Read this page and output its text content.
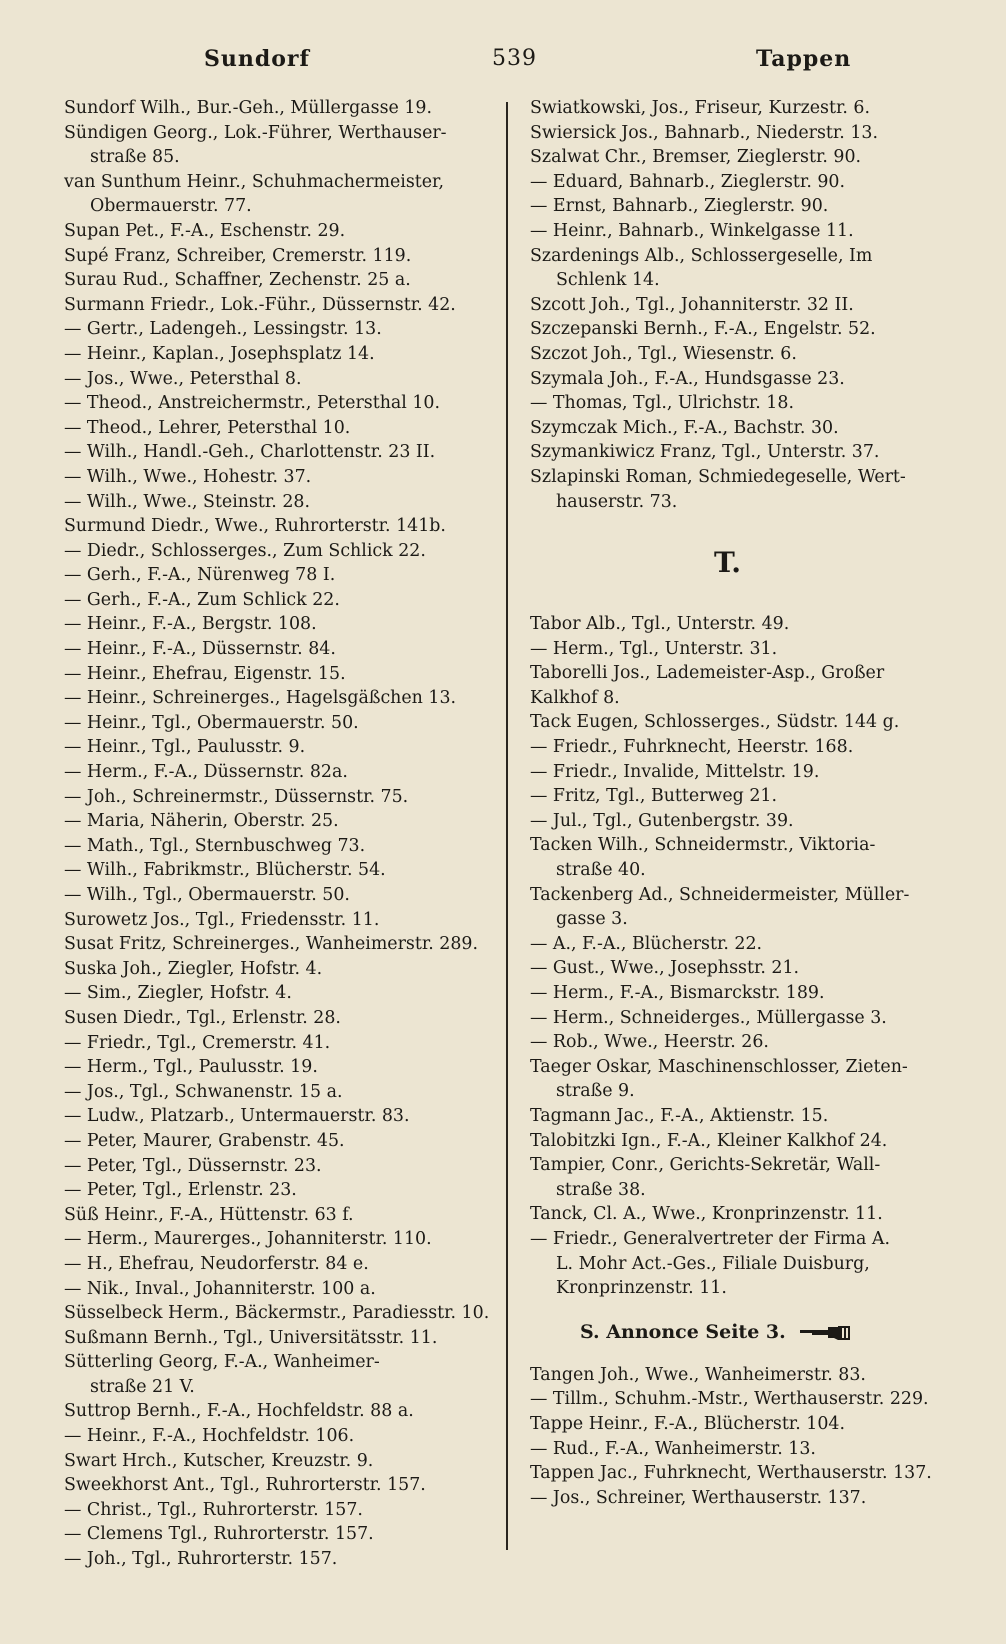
Sundorf	539	Tappen
Sundorf Wilh., Bur.-Geh., Müllergasse 19.
Sündigen Georg., Lok.-Führer, Werthauser-
straße 85.
van Sunthum Heinr., Schuhmachermeister,
Obermauerstr. 77.
Supan Pet., F.-A., Eschenstr. 29.
Supé Franz, Schreiber, Cremerstr. 119.
Surau Rud., Schaffner, Zechenstr. 25 a.
Surmann Friedr., Lok.-Führ., Düssernstr. 42.
— Gertr., Ladengeh., Lessingstr. 13.
— Heinr., Kaplan., Josephsplatz 14.
— Jos., Wwe., Petersthal 8.
— Theod., Anstreichermstr., Petersthal 10.
— Theod., Lehrer, Petersthal 10.
— Wilh., Handl.-Geh., Charlottenstr. 23 II.
— Wilh., Wwe., Hohestr. 37.
— Wilh., Wwe., Steinstr. 28.
Surmund Diedr., Wwe., Ruhrorterstr. 141b.
— Diedr., Schlosserges., Zum Schlick 22.
— Gerh., F.-A., Nürenweg 78 I.
— Gerh., F.-A., Zum Schlick 22.
— Heinr., F.-A., Bergstr. 108.
— Heinr., F.-A., Düssernstr. 84.
— Heinr., Ehefrau, Eigenstr. 15.
— Heinr., Schreinerges., Hagelsgäßchen 13.
— Heinr., Tgl., Obermauerstr. 50.
— Heinr., Tgl., Paulusstr. 9.
— Herm., F.-A., Düssernstr. 82a.
— Joh., Schreinermstr., Düssernstr. 75.
— Maria, Näherin, Oberstr. 25.
— Math., Tgl., Sternbuschweg 73.
— Wilh., Fabrikmstr., Blücherstr. 54.
— Wilh., Tgl., Obermauerstr. 50.
Surowetz Jos., Tgl., Friedensstr. 11.
Susat Fritz, Schreinerges., Wanheimerstr. 289.
Suska Joh., Ziegler, Hofstr. 4.
— Sim., Ziegler, Hofstr. 4.
Susen Diedr., Tgl., Erlenstr. 28.
— Friedr., Tgl., Cremerstr. 41.
— Herm., Tgl., Paulusstr. 19.
— Jos., Tgl., Schwanenstr. 15 a.
— Ludw., Platzarb., Untermauerstr. 83.
— Peter, Maurer, Grabenstr. 45.
— Peter, Tgl., Düssernstr. 23.
— Peter, Tgl., Erlenstr. 23.
Süß Heinr., F.-A., Hüttenstr. 63 f.
— Herm., Maurerges., Johanniterstr. 110.
— H., Ehefrau, Neudorferstr. 84 e.
— Nik., Inval., Johanniterstr. 100 a.
Süsselbeck Herm., Bäckermstr., Paradiesstr. 10.
Sußmann Bernh., Tgl., Universitätsstr. 11.
Sütterling Georg, F.-A., Wanheimer-
straße 21 V.
Suttrop Bernh., F.-A., Hochfeldstr. 88 a.
— Heinr., F.-A., Hochfeldstr. 106.
Swart Hrch., Kutscher, Kreuzstr. 9.
Sweekhorst Ant., Tgl., Ruhrorterstr. 157.
— Christ., Tgl., Ruhrorterstr. 157.
— Clemens Tgl., Ruhrorterstr. 157.
— Joh., Tgl., Ruhrorterstr. 157.
Swiatkowski, Jos., Friseur, Kurzestr. 6.
Swiersick Jos., Bahnarb., Niederstr. 13.
Szalwat Chr., Bremser, Zieglerstr. 90.
— Eduard, Bahnarb., Zieglerstr. 90.
— Ernst, Bahnarb., Zieglerstr. 90.
— Heinr., Bahnarb., Winkelgasse 11.
Szardenings Alb., Schlossergeselle, Im
Schlenk 14.
Szcott Joh., Tgl., Johanniterstr. 32 II.
Szczepanski Bernh., F.-A., Engelstr. 52.
Szczot Joh., Tgl., Wiesenstr. 6.
Szymala Joh., F.-A., Hundsgasse 23.
— Thomas, Tgl., Ulrichstr. 18.
Szymczak Mich., F.-A., Bachstr. 30.
Szymankiwicz Franz, Tgl., Unterstr. 37.
Szlapinski Roman, Schmiedegeselle, Wert-
hauserstr. 73.
T.
Tabor Alb., Tgl., Unterstr. 49.
— Herm., Tgl., Unterstr. 31.
Taborelli Jos., Lademeister-Asp., Großer
Kalkhof 8.
Tack Eugen, Schlosserges., Südstr. 144 g.
— Friedr., Fuhrknecht, Heerstr. 168.
— Friedr., Invalide, Mittelstr. 19.
— Fritz, Tgl., Butterweg 21.
— Jul., Tgl., Gutenbergstr. 39.
Tacken Wilh., Schneidermstr., Viktoria-
straße 40.
Tackenberg Ad., Schneidermeister, Müller-
gasse 3.
— A., F.-A., Blücherstr. 22.
— Gust., Wwe., Josephsstr. 21.
— Herm., F.-A., Bismarckstr. 189.
— Herm., Schneiderges., Müllergasse 3.
— Rob., Wwe., Heerstr. 26.
Taeger Oskar, Maschinenschlosser, Zieten-
straße 9.
Tagmann Jac., F.-A., Aktienstr. 15.
Talobitzki Ign., F.-A., Kleiner Kalkhof 24.
Tampier, Conr., Gerichts-Sekretär, Wall-
straße 38.
Tanck, Cl. A., Wwe., Kronprinzenstr. 11.
— Friedr., Generalvertreter der Firma A.
L. Mohr Act.-Ges., Filiale Duisburg,
Kronprinzenstr. 11.
S. Annonce Seite 3.
Tangen Joh., Wwe., Wanheimerstr. 83.
— Tillm., Schuhm.-Mstr., Werthauserstr. 229.
Tappe Heinr., F.-A., Blücherstr. 104.
— Rud., F.-A., Wanheimerstr. 13.
Tappen Jac., Fuhrknecht, Werthauserstr. 137.
— Jos., Schreiner, Werthauserstr. 137.
